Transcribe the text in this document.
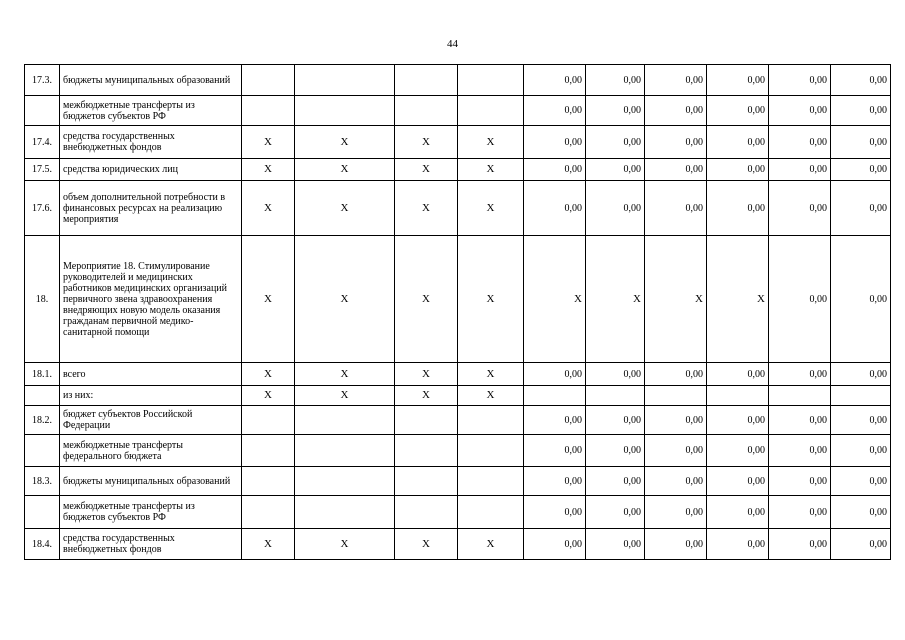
44
17.3.	бюджеты муниципальных образований					0,00	0,00	0,00	0,00	0,00	0,00
	межбюджетные трансферты из бюджетов субъектов РФ					0,00	0,00	0,00	0,00	0,00	0,00
17.4.	средства государственных внебюджетных фондов	X	X	X	X	0,00	0,00	0,00	0,00	0,00	0,00
17.5.	средства юридических лиц	X	X	X	X	0,00	0,00	0,00	0,00	0,00	0,00
17.6.	объем дополнительной потребности в финансовых ресурсах на реализацию мероприятия	X	X	X	X	0,00	0,00	0,00	0,00	0,00	0,00
18.	Мероприятие 18. Стимулирование руководителей и медицинских работников медицинских организаций первичного звена здравоохранения внедряющих новую модель оказания гражданам первичной медико-санитарной помощи	X	X	X	X	X	X	X	X	0,00	0,00
18.1.	всего	X	X	X	X	0,00	0,00	0,00	0,00	0,00	0,00
	из них:	X	X	X	X						
18.2.	бюджет субъектов Российской Федерации					0,00	0,00	0,00	0,00	0,00	0,00
	межбюджетные трансферты федерального бюджета					0,00	0,00	0,00	0,00	0,00	0,00
18.3.	бюджеты муниципальных образований					0,00	0,00	0,00	0,00	0,00	0,00
	межбюджетные трансферты из бюджетов субъектов РФ					0,00	0,00	0,00	0,00	0,00	0,00
18.4.	средства государственных внебюджетных фондов	X	X	X	X	0,00	0,00	0,00	0,00	0,00	0,00
